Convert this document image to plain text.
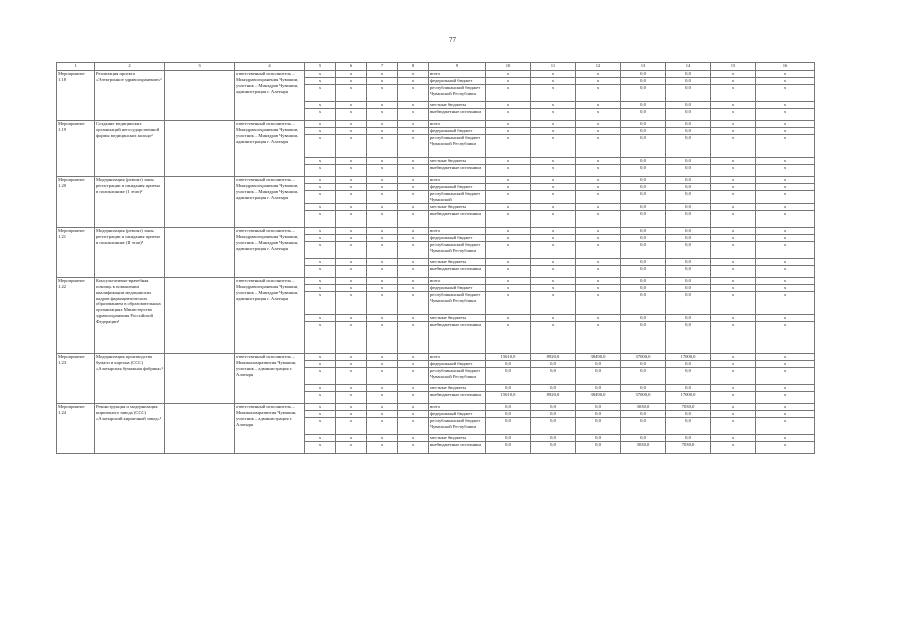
77
1	2	3	4	5	6	7	8	9	10	11	12	13	14	15	16
Мероприятие 1.18	Реализация проекта «Электронное здравоохранение»²		ответственный исполнитель – Минздравоохранения Чувашии, участник – Минздрав Чувашии, администрация г. Алатыря	x	x	x	x	всего	x	x	x	0,0	0,0	x	x
				x	x	x	x	федеральный бюджет	x	x	x	0,0	0,0	x	x
				x	x	x	x	республиканский бюджет Чувашской Республики	x	x	x	0,0	0,0	x	x
				x	x	x	x	местные бюджеты	x	x	x	0,0	0,0	x	x
				x	x	x	x	внебюджетные источники	x	x	x	0,0	0,0	x	x
Мероприятие 1.19	Создание медицинских организаций негосударственной формы медицинских кольцо²		ответственный исполнитель – Минздравоохранения Чувашии, участник – Минздрав Чувашии, администрация г. Алатыря	x	x	x	x	всего	x	x	x	0,0	0,0	x	x
				x	x	x	x	федеральный бюджет	x	x	x	0,0	0,0	x	x
				x	x	x	x	республиканский бюджет Чувашской Республики	x	x	x	0,0	0,0	x	x
				x	x	x	x	местные бюджеты	x	x	x	0,0	0,0	x	x
				x	x	x	x	внебюджетные источники	x	x	x	0,0	0,0	x	x
Мероприятие 1.20	Модернизация (ремонт) зоны регистрации и ожидания приема в поликлинике (1 этап)²		ответственный исполнитель – Минздравоохранения Чувашии, участник – Минздрав Чувашии, администрация г. Алатыря	x	x	x	x	всего	x	x	x	0,0	0,0	x	x
				x	x	x	x	федеральный бюджет	x	x	x	0,0	0,0	x	x
				x	x	x	x	республиканский бюджет Чувашской	x	x	x	0,0	0,0	x	x
				x	x	x	x	местные бюджеты	x	x	x	0,0	0,0	x	x
				x	x	x	x	внебюджетные источники	x	x	x	0,0	0,0	x	x
Мероприятие 1.21	Модернизация (ремонт) зоны регистрации и ожидания приема в поликлинике (II этап)²		ответственный исполнитель – Минздравоохранения Чувашии, участник – Минздрав Чувашии, администрация г. Алатыря	x	x	x	x	всего	x	x	x	0,0	0,0	x	x
				x	x	x	x	федеральный бюджет	x	x	x	0,0	0,0	x	x
				x	x	x	x	республиканский бюджет Чувашской Республики	x	x	x	0,0	0,0	x	x
				x	x	x	x	местные бюджеты	x	x	x	0,0	0,0	x	x
				x	x	x	x	внебюджетные источники	x	x	x	0,0	0,0	x	x
Мероприятие 1.22	Консультативно-врачебная помощь в повышении квалификации медицинских кадров фармацевтических образованием в образовательных организациях Министерства здравоохранения Российской Федерации²		ответственный исполнитель – Минздравоохранения Чувашии, участник – Минздрав Чувашии, администрация г. Алатыря	x	x	x	x	всего	x	x	x	0,0	0,0	x	x
				x	x	x	x	федеральный бюджет	x	x	x	0,0	0,0	x	x
				x	x	x	x	республиканский бюджет Чувашской Республики	x	x	x	0,0	0,0	x	x
				x	x	x	x	местные бюджеты	x	x	x	0,0	0,0	x	x
				x	x	x	x	внебюджетные источники	x	x	x	0,0	0,0	x	x
Мероприятие 1.23	Модернизация производства бумаги и картона (ССС) «Алатырская бумажная фабрика»²		ответственный исполнитель – Минэкономразвития Чувашии, участник – администрация г. Алатыря	x	x	x	x	всего	15610,0	8920,0	38490,0	37000,0	17000,0	x	x
				x	x	x	x	федеральный бюджет	0,0	0,0	0,0	0,0	0,0	x	x
				x	x	x	x	республиканский бюджет Чувашской Республики	0,0	0,0	0,0	0,0	0,0	x	x
				x	x	x	x	местные бюджеты	0,0	0,0	0,0	0,0	0,0	x	x
				x	x	x	x	внебюджетные источники	15610,0	8920,0	38490,0	37000,0	17000,0	x	x
Мероприятие 1.24	Реконструкция и модернизация кирпичного завода (ССС) «Алатырский кирпичный завод»²		ответственный исполнитель – Минэкономразвития Чувашии, участник – администрация г. Алатыря	x	x	x	x	всего	0,0	0,0	0,0	3030,0	7030,0	x	x
				x	x	x	x	федеральный бюджет	0,0	0,0	0,0	0,0	0,0	x	x
				x	x	x	x	республиканский бюджет Чувашской Республики	0,0	0,0	0,0	0,0	0,0	x	x
				x	x	x	x	местные бюджеты	0,0	0,0	0,0	0,0	0,0	x	x
				x	x	x	x	внебюджетные источники	0,0	0,0	0,0	3030,0	7030,0	x	x
